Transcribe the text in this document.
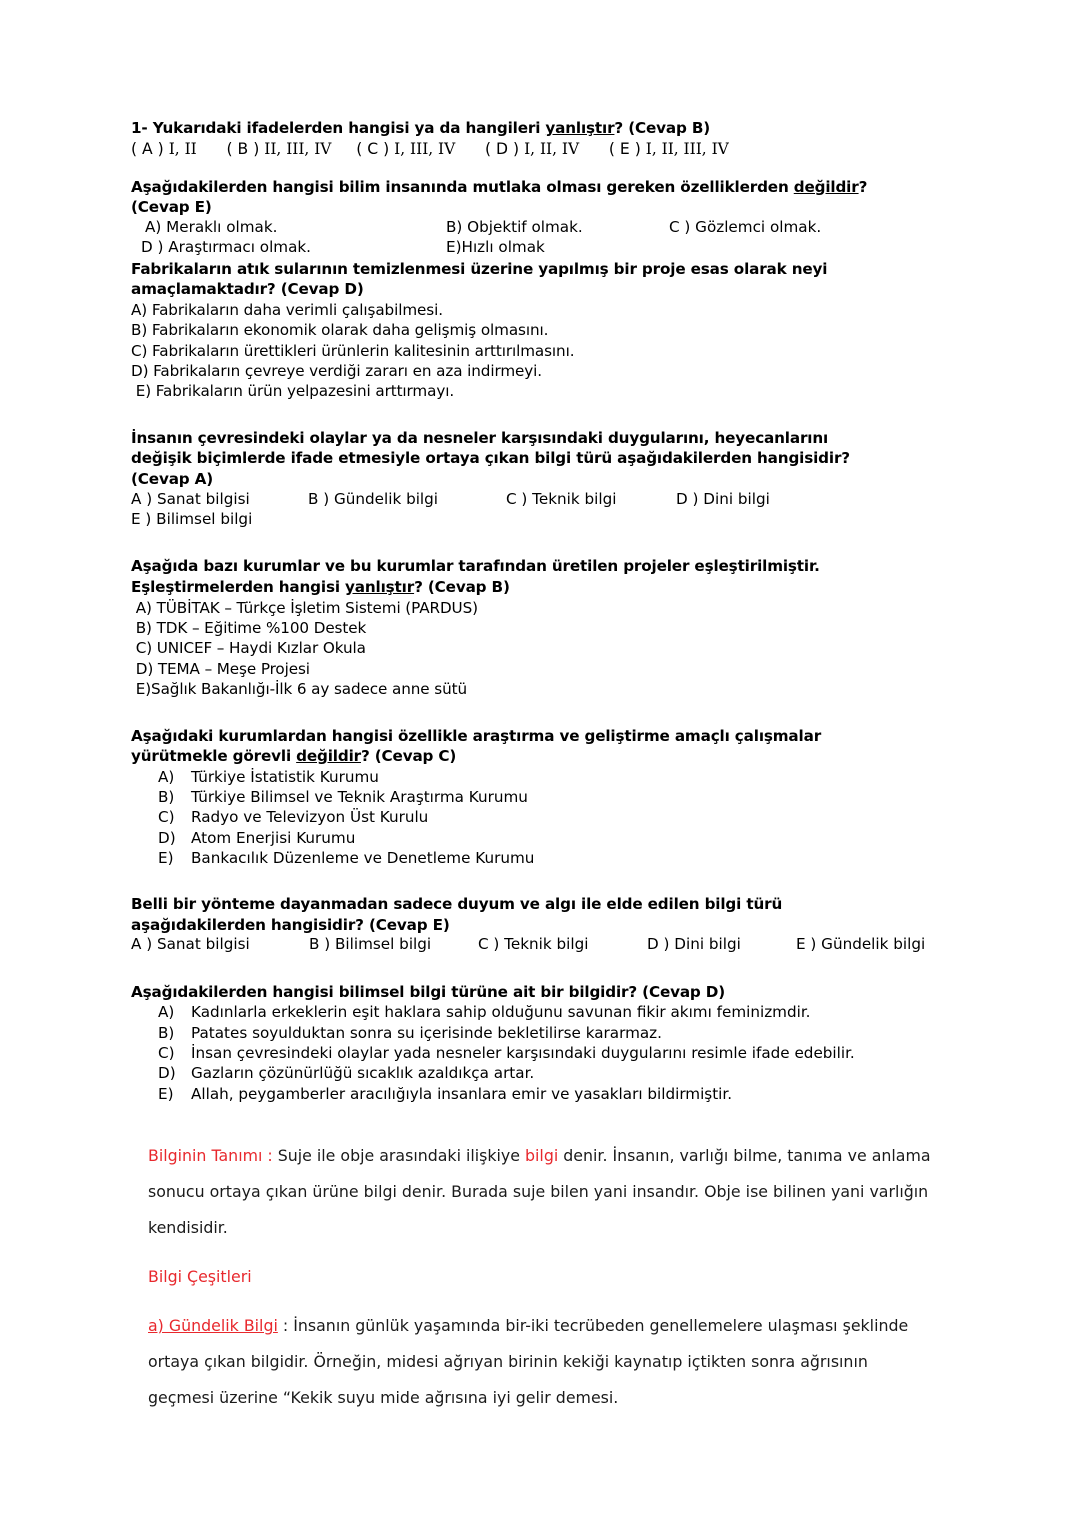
1- Yukarıdaki ifadelerden hangisi ya da hangileri yanlıştır? (Cevap B)
( A ) I, II ( B ) II, III, IV ( C ) I, III, IV ( D ) I, II, IV ( E ) I, II, III, IV
Aşağıdakilerden hangisi bilim insanında mutlaka olması gereken özelliklerden değildir?
(Cevap E)
A) Meraklı olmak.	B) Objektif olmak.	C ) Gözlemci olmak.
D ) Araştırmacı olmak.	E)Hızlı olmak
Fabrikaların atık sularının temizlenmesi üzerine yapılmış bir proje esas olarak neyi
amaçlamaktadır? (Cevap D)
A) Fabrikaların daha verimli çalışabilmesi.
B) Fabrikaların ekonomik olarak daha gelişmiş olmasını.
C) Fabrikaların ürettikleri ürünlerin kalitesinin arttırılmasını.
D) Fabrikaların çevreye verdiği zararı en aza indirmeyi.
E) Fabrikaların ürün yelpazesini arttırmayı.
İnsanın çevresindeki olaylar ya da nesneler karşısındaki duygularını, heyecanlarını
değişik biçimlerde ifade etmesiyle ortaya çıkan bilgi türü aşağıdakilerden hangisidir?
(Cevap A)
A ) Sanat bilgisi	B ) Gündelik bilgi	C ) Teknik bilgi	D ) Dini bilgi
E ) Bilimsel bilgi
Aşağıda bazı kurumlar ve bu kurumlar tarafından üretilen projeler eşleştirilmiştir.
Eşleştirmelerden hangisi yanlıştır? (Cevap B)
A) TÜBİTAK – Türkçe İşletim Sistemi (PARDUS)
B) TDK – Eğitime %100 Destek
C) UNICEF – Haydi Kızlar Okula
D) TEMA – Meşe Projesi
E)Sağlık Bakanlığı-İlk 6 ay sadece anne sütü
Aşağıdaki kurumlardan hangisi özellikle araştırma ve geliştirme amaçlı çalışmalar
yürütmekle görevli değildir? (Cevap C)
A) Türkiye İstatistik Kurumu
B) Türkiye Bilimsel ve Teknik Araştırma Kurumu
C) Radyo ve Televizyon Üst Kurulu
D) Atom Enerjisi Kurumu
E) Bankacılık Düzenleme ve Denetleme Kurumu
Belli bir yönteme dayanmadan sadece duyum ve algı ile elde edilen bilgi türü
aşağıdakilerden hangisidir? (Cevap E)
A ) Sanat bilgisi	B ) Bilimsel bilgi	C ) Teknik bilgi	D ) Dini bilgi	E ) Gündelik bilgi
Aşağıdakilerden hangisi bilimsel bilgi türüne ait bir bilgidir? (Cevap D)
A) Kadınlarla erkeklerin eşit haklara sahip olduğunu savunan fikir akımı feminizmdir.
B) Patates soyulduktan sonra su içerisinde bekletilirse kararmaz.
C) İnsan çevresindeki olaylar yada nesneler karşısındaki duygularını resimle ifade edebilir.
D) Gazların çözünürlüğü sıcaklık azaldıkça artar.
E) Allah, peygamberler aracılığıyla insanlara emir ve yasakları bildirmiştir.
Bilginin Tanımı : Suje ile obje arasındaki ilişkiye bilgi denir. İnsanın, varlığı bilme, tanıma ve anlama sonucu ortaya çıkan ürüne bilgi denir. Burada suje bilen yani insandır. Obje ise bilinen yani varlığın kendisidir.
Bilgi Çeşitleri
a) Gündelik Bilgi : İnsanın günlük yaşamında bir-iki tecrübeden genellemelere ulaşması şeklinde ortaya çıkan bilgidir. Örneğin, midesi ağrıyan birinin kekiği kaynatıp içtikten sonra ağrısının geçmesi üzerine “Kekik suyu mide ağrısına iyi gelir demesi.
